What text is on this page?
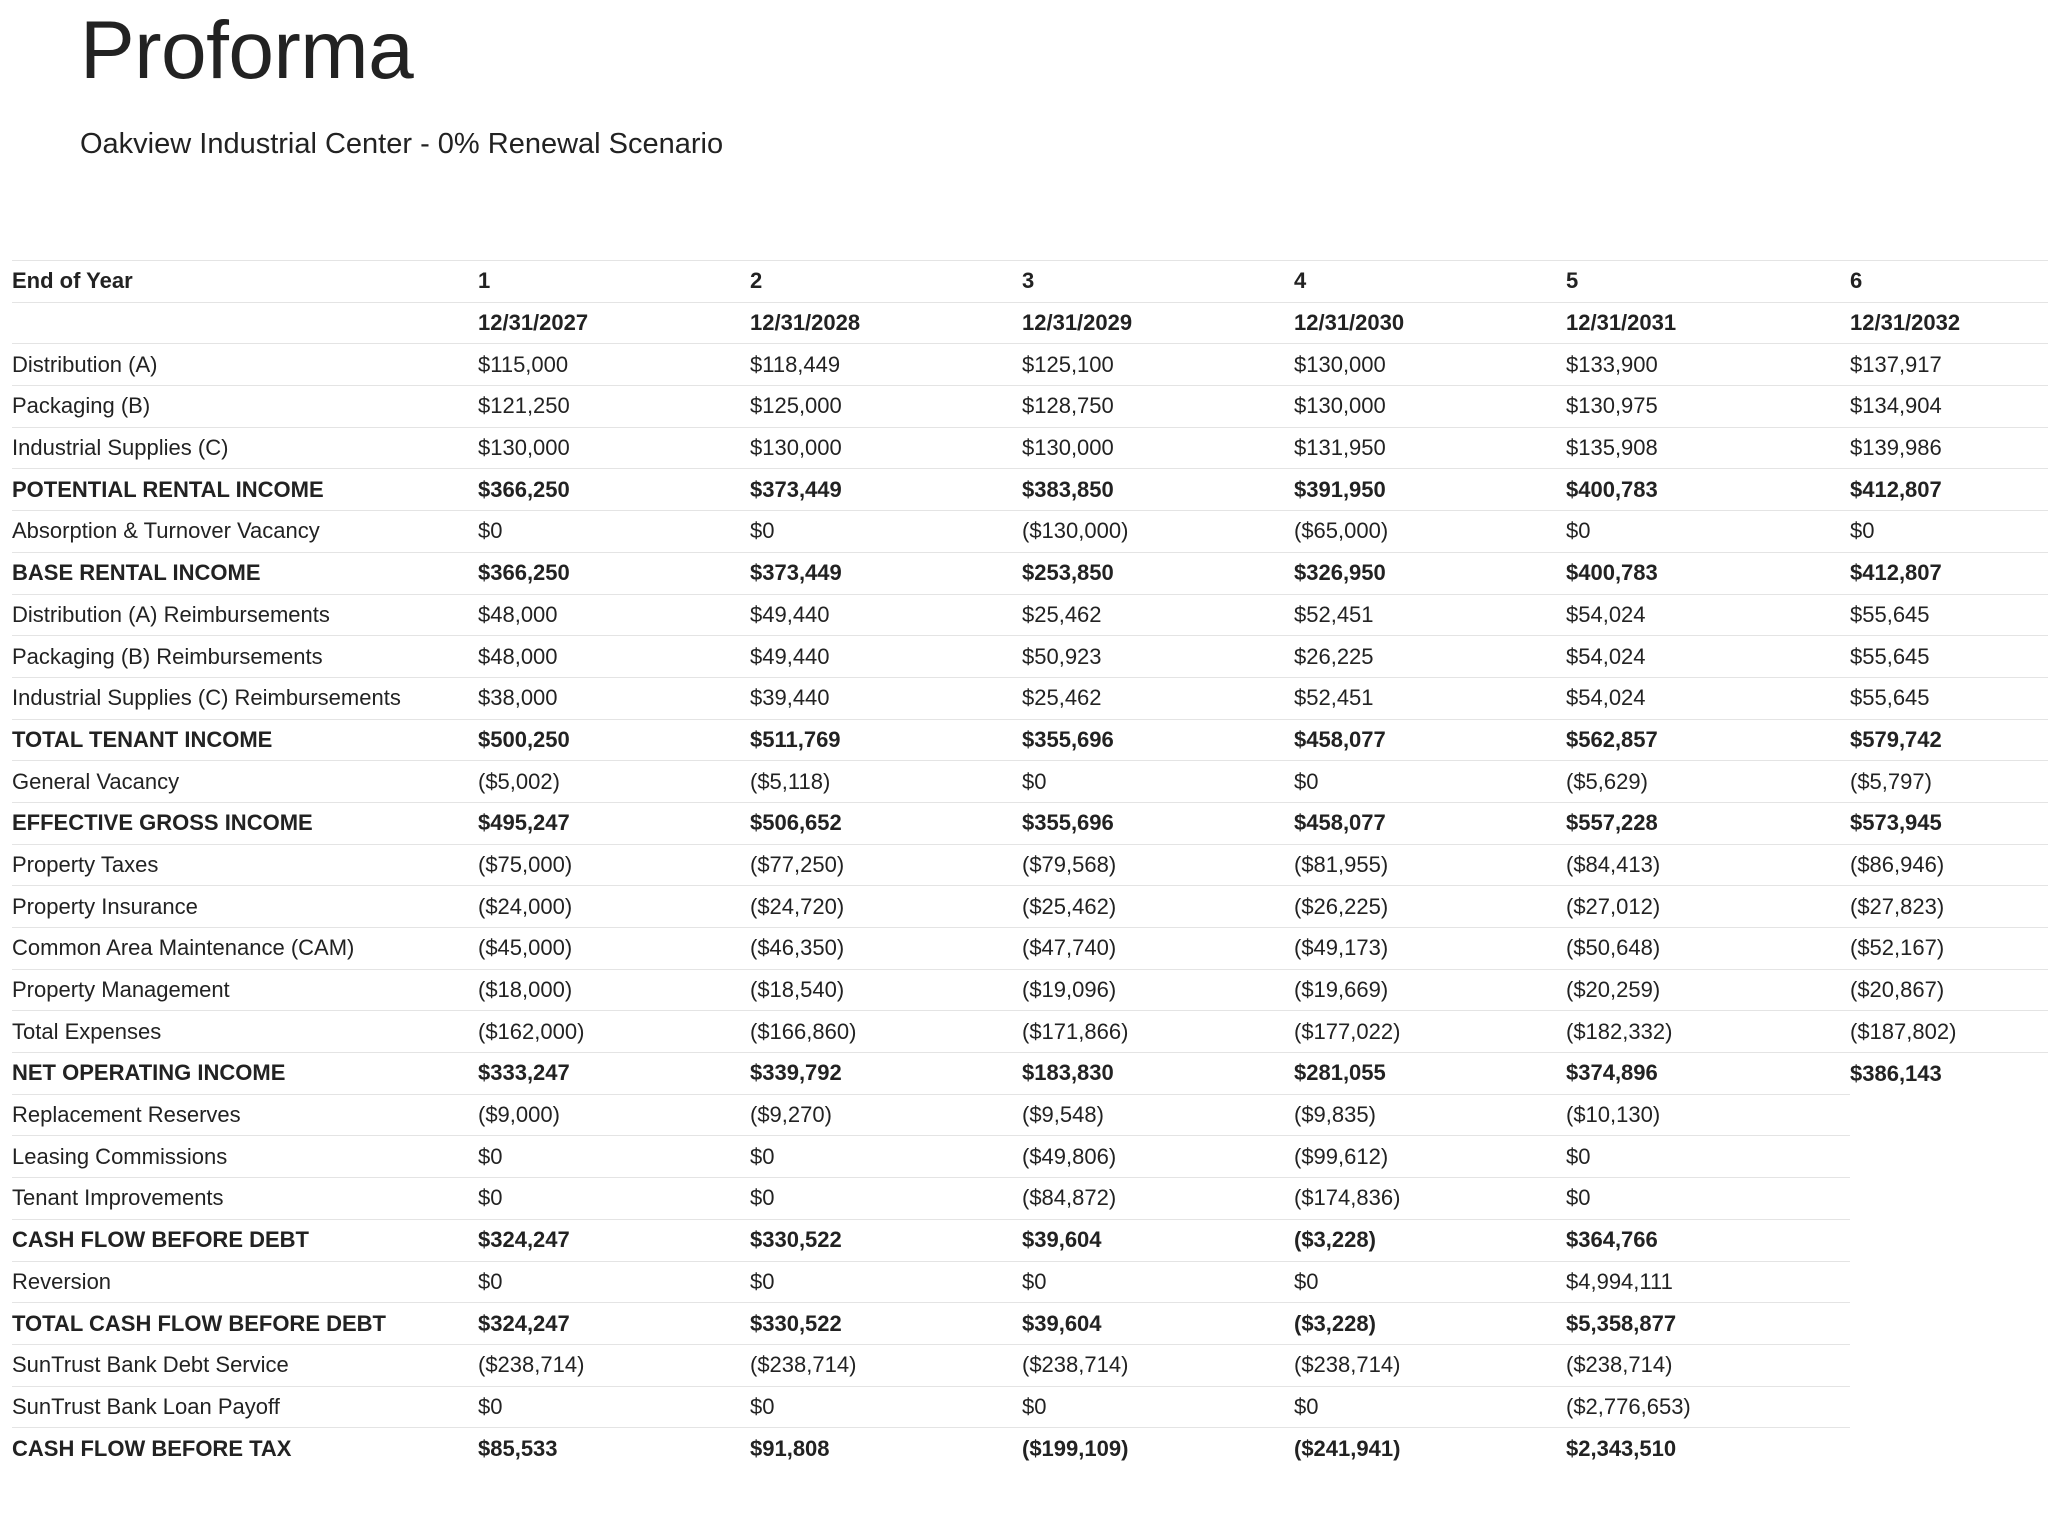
Proforma
Oakview Industrial Center - 0% Renewal Scenario
End of Year	1	2	3	4	5	6
	12/31/2027	12/31/2028	12/31/2029	12/31/2030	12/31/2031	12/31/2032
Distribution (A)	$115,000	$118,449	$125,100	$130,000	$133,900	$137,917
Packaging (B)	$121,250	$125,000	$128,750	$130,000	$130,975	$134,904
Industrial Supplies (C)	$130,000	$130,000	$130,000	$131,950	$135,908	$139,986
POTENTIAL RENTAL INCOME	$366,250	$373,449	$383,850	$391,950	$400,783	$412,807
Absorption & Turnover Vacancy	$0	$0	($130,000)	($65,000)	$0	$0
BASE RENTAL INCOME	$366,250	$373,449	$253,850	$326,950	$400,783	$412,807
Distribution (A) Reimbursements	$48,000	$49,440	$25,462	$52,451	$54,024	$55,645
Packaging (B) Reimbursements	$48,000	$49,440	$50,923	$26,225	$54,024	$55,645
Industrial Supplies (C) Reimbursements	$38,000	$39,440	$25,462	$52,451	$54,024	$55,645
TOTAL TENANT INCOME	$500,250	$511,769	$355,696	$458,077	$562,857	$579,742
General Vacancy	($5,002)	($5,118)	$0	$0	($5,629)	($5,797)
EFFECTIVE GROSS INCOME	$495,247	$506,652	$355,696	$458,077	$557,228	$573,945
Property Taxes	($75,000)	($77,250)	($79,568)	($81,955)	($84,413)	($86,946)
Property Insurance	($24,000)	($24,720)	($25,462)	($26,225)	($27,012)	($27,823)
Common Area Maintenance (CAM)	($45,000)	($46,350)	($47,740)	($49,173)	($50,648)	($52,167)
Property Management	($18,000)	($18,540)	($19,096)	($19,669)	($20,259)	($20,867)
Total Expenses	($162,000)	($166,860)	($171,866)	($177,022)	($182,332)	($187,802)
NET OPERATING INCOME	$333,247	$339,792	$183,830	$281,055	$374,896	$386,143
Replacement Reserves	($9,000)	($9,270)	($9,548)	($9,835)	($10,130)	
Leasing Commissions	$0	$0	($49,806)	($99,612)	$0	
Tenant Improvements	$0	$0	($84,872)	($174,836)	$0	
CASH FLOW BEFORE DEBT	$324,247	$330,522	$39,604	($3,228)	$364,766	
Reversion	$0	$0	$0	$0	$4,994,111	
TOTAL CASH FLOW BEFORE DEBT	$324,247	$330,522	$39,604	($3,228)	$5,358,877	
SunTrust Bank Debt Service	($238,714)	($238,714)	($238,714)	($238,714)	($238,714)	
SunTrust Bank Loan Payoff	$0	$0	$0	$0	($2,776,653)	
CASH FLOW BEFORE TAX	$85,533	$91,808	($199,109)	($241,941)	$2,343,510	
